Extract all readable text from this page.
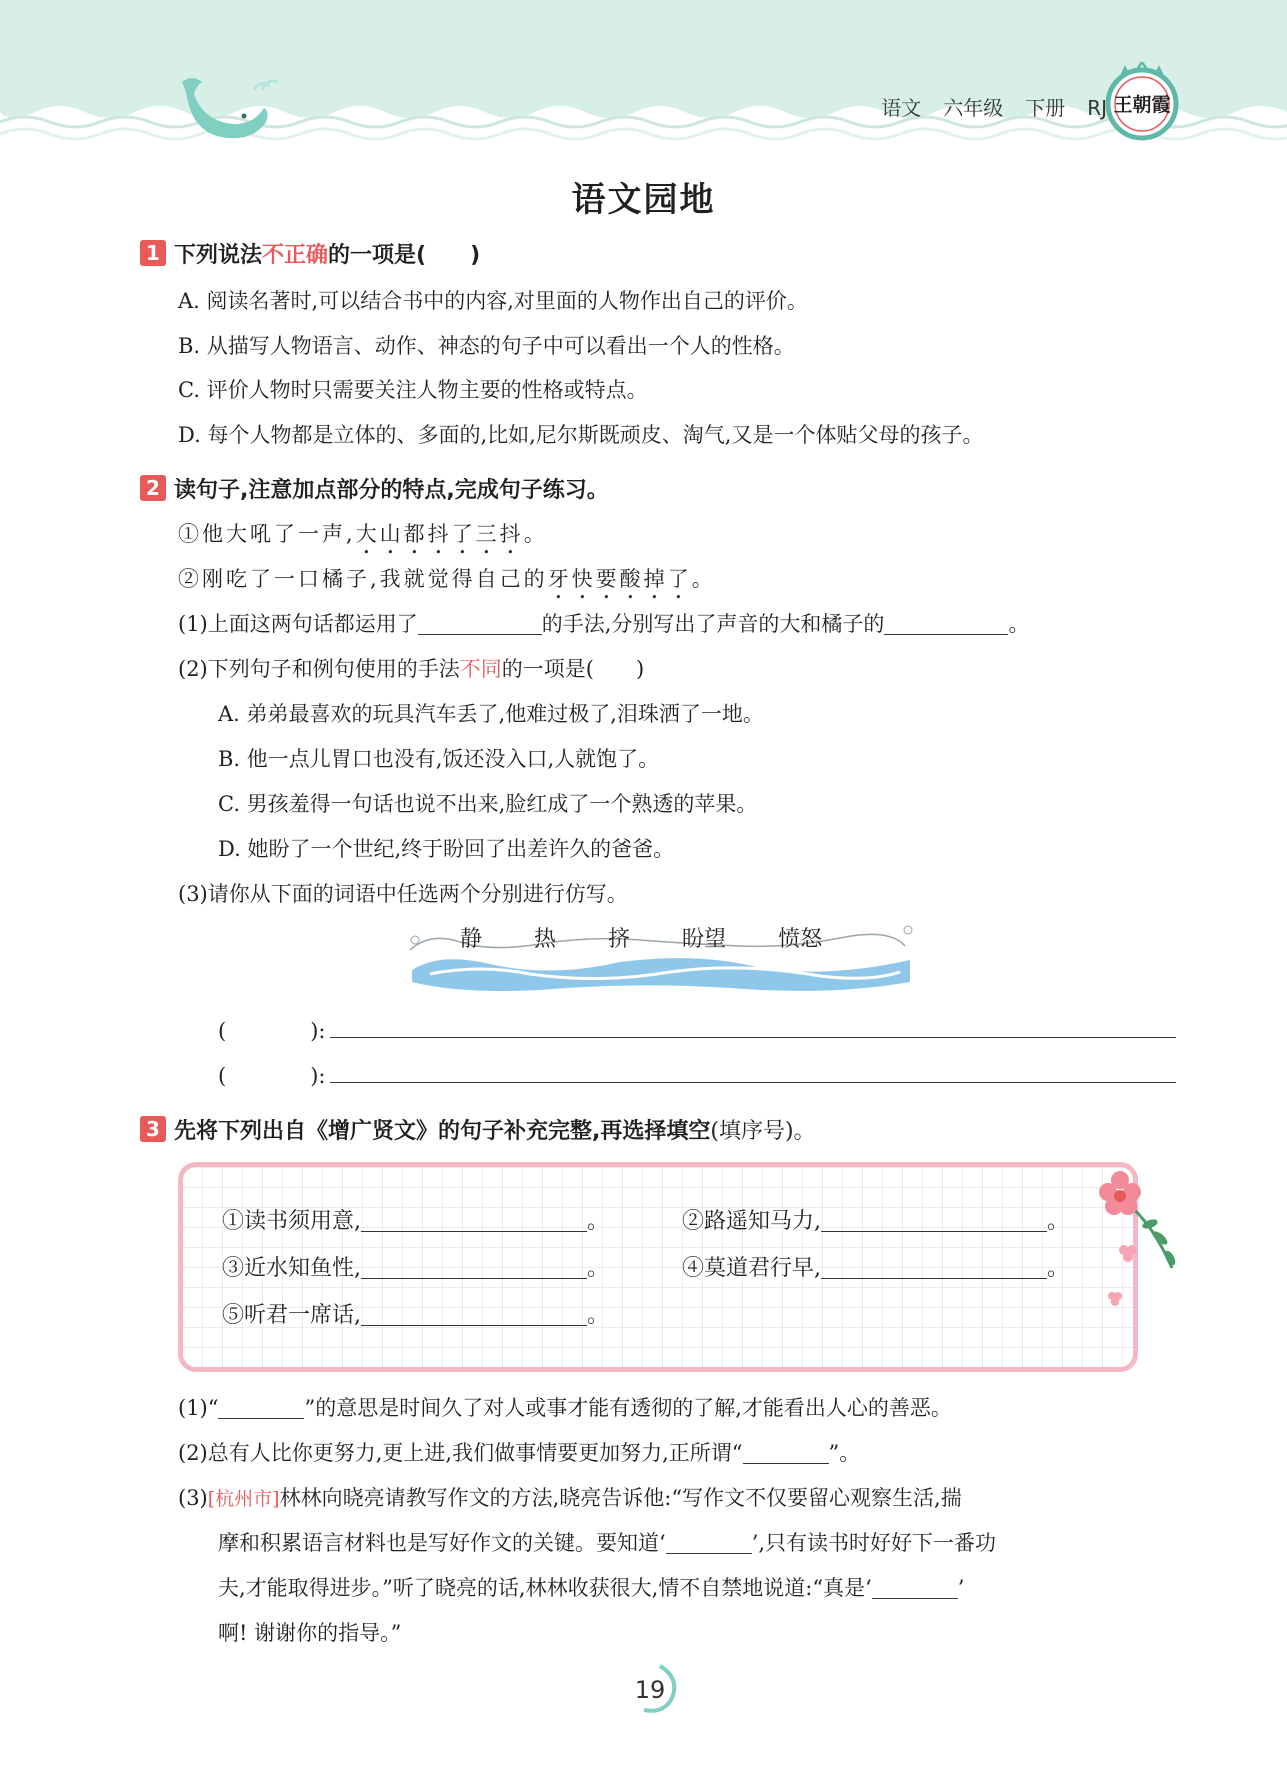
语文 六年级 下册 RJ 王朝霞
语文园地
1 下列说法不正确的一项是(　　)
A. 阅读名著时,可以结合书中的内容,对里面的人物作出自己的评价。
B. 从描写人物语言、动作、神态的句子中可以看出一个人的性格。
C. 评价人物时只需要关注人物主要的性格或特点。
D. 每个人物都是立体的、多面的,比如,尼尔斯既顽皮、淘气,又是一个体贴父母的孩子。
2 读句子,注意加点部分的特点,完成句子练习。
①他大吼了一声,大山都抖了三抖。
②刚吃了一口橘子,我就觉得自己的牙快要酸掉了。
(1)上面这两句话都运用了	的手法,分别写出了声音的大和橘子的	。
(2)下列句子和例句使用的手法不同的一项是(　　)
A. 弟弟最喜欢的玩具汽车丢了,他难过极了,泪珠洒了一地。
B. 他一点儿胃口也没有,饭还没入口,人就饱了。
C. 男孩羞得一句话也说不出来,脸红成了一个熟透的苹果。
D. 她盼了一个世纪,终于盼回了出差许久的爸爸。
(3)请你从下面的词语中任选两个分别进行仿写。
静 热 挤 盼望 愤怒
(　　　　):
(　　　　):
3 先将下列出自《增广贤文》的句子补充完整,再选择填空(填序号)。
①读书须用意,	。	②路遥知马力,	。
③近水知鱼性,	。	④莫道君行早,	。
⑤听君一席话,	。
(1)“	”的意思是时间久了对人或事才能有透彻的了解,才能看出人心的善恶。
(2)总有人比你更努力,更上进,我们做事情要更加努力,正所谓“	”。
(3)[杭州市]林林向晓亮请教写作文的方法,晓亮告诉他:“写作文不仅要留心观察生活,揣
摩和积累语言材料也是写好作文的关键。要知道‘	’,只有读书时好好下一番功
夫,才能取得进步。”听了晓亮的话,林林收获很大,情不自禁地说道:“真是‘	’
啊! 谢谢你的指导。”
19
